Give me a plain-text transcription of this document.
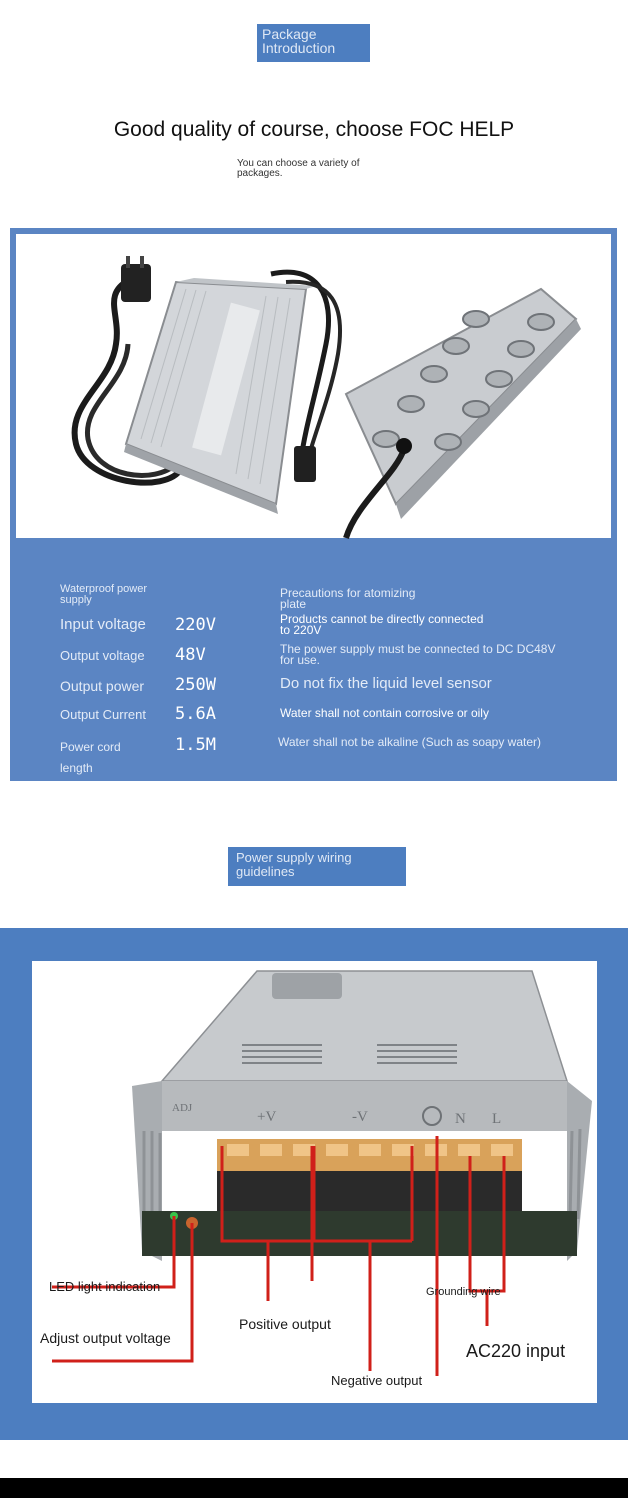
Package Introduction
Good quality of course, choose FOC HELP
You can choose a variety of packages.
Waterproof power supply
Input voltage 220V
Output voltage 48V
Output power 250W
Output Current 5.6A
Power cord length
1.5M
Precautions for atomizing plate
Products cannot be directly connected to 220V
The power supply must be connected to DC DC48V for use.
Do not fix the liquid level sensor
Water shall not contain corrosive or oily
Water shall not be alkaline (Such as soapy water)
Power supply wiring guidelines
+V	-V	N L
ADJ
LED light indication
Adjust output voltage
Positive output
Negative output
Grounding wire
AC220 input
